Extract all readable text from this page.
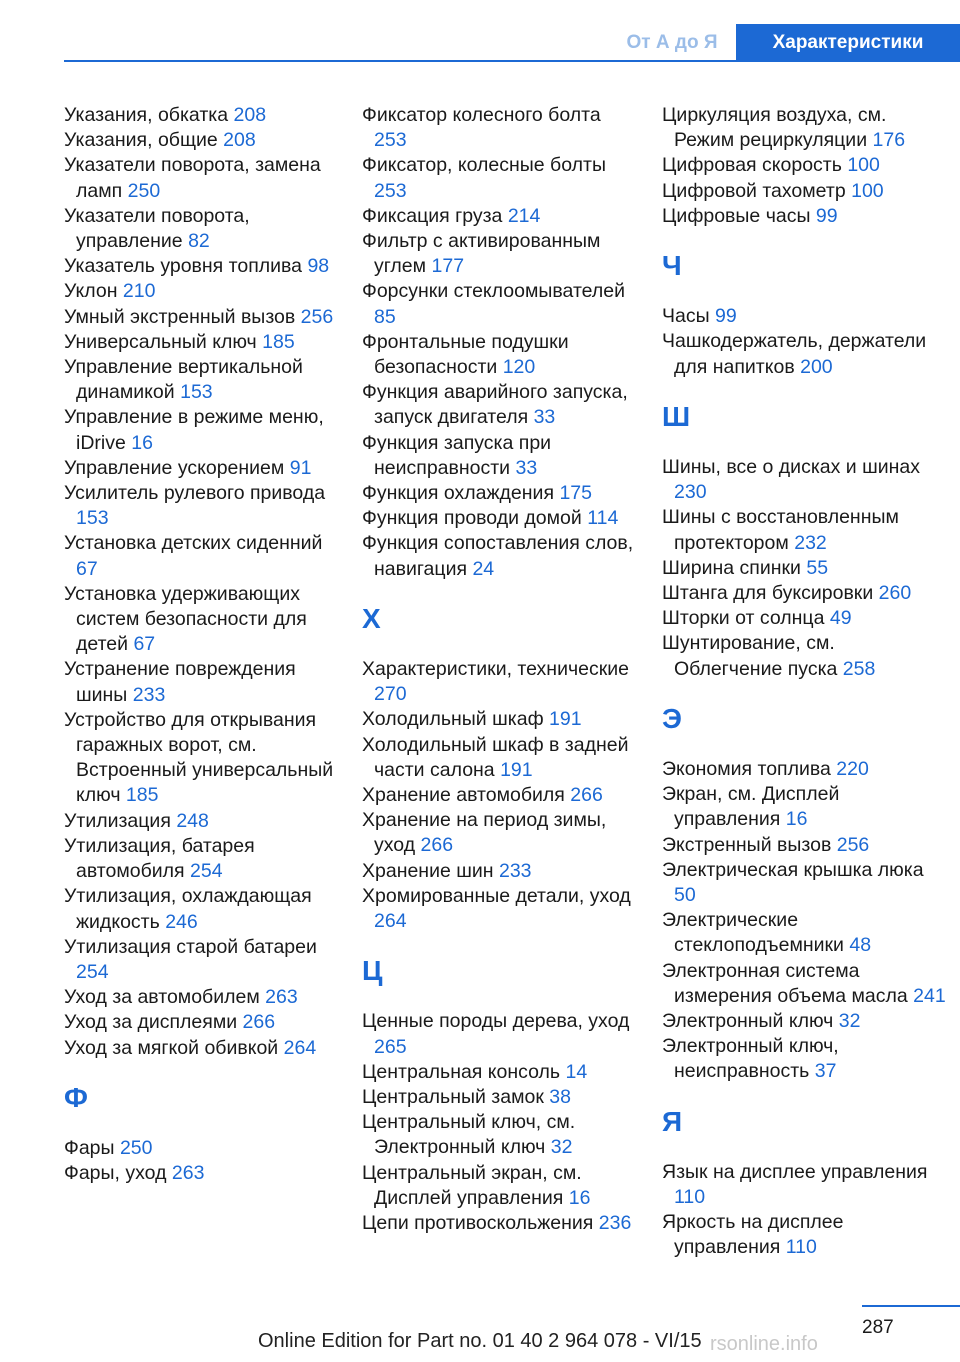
От А до Я	Характеристики

Указания, обкатка 208

Указания, общие 208

Указатели поворота, замена ламп 250

Указатели поворота, управление 82

Указатель уровня топлива 98

Уклон 210

Умный экстренный вызов 256

Универсальный ключ 185

Управление вертикальной динамикой 153

Управление в режиме меню, iDrive 16

Управление ускорением 91

Усилитель рулевого привода 153

Установка детских сиденний 67

Установка удерживающих систем безопасности для детей 67

Устранение повреждения шины 233

Устройство для открывания гаражных ворот, см. Встроенный универсальный ключ 185

Утилизация 248

Утилизация, батарея автомобиля 254

Утилизация, охлаждающая жидкость 246

Утилизация старой батареи 254

Уход за автомобилем 263

Уход за дисплеями 266

Уход за мягкой обивкой 264

Ф

Фары 250

Фары, уход 263

Фиксатор колесного болта 253

Фиксатор, колесные болты 253

Фиксация груза 214

Фильтр с активированным углем 177

Форсунки стеклоомывателей 85

Фронтальные подушки безопасности 120

Функция аварийного запуска, запуск двигателя 33

Функция запуска при неисправности 33

Функция охлаждения 175

Функция проводи домой 114

Функция сопоставления слов, навигация 24

Х

Характеристики, технические 270

Холодильный шкаф 191

Холодильный шкаф в задней части салона 191

Хранение автомобиля 266

Хранение на период зимы, уход 266

Хранение шин 233

Хромированные детали, уход 264

Ц

Ценные породы дерева, уход 265

Центральная консоль 14

Центральный замок 38

Центральный ключ, см. Электронный ключ 32

Центральный экран, см. Дисплей управления 16

Цепи противоскольжения 236

Циркуляция воздуха, см. Режим рециркуляции 176

Цифровая скорость 100

Цифровой тахометр 100

Цифровые часы 99

Ч

Часы 99

Чашкодержатель, держатели для напитков 200

Ш

Шины, все о дисках и шинах 230

Шины с восстановленным протектором 232

Ширина спинки 55

Штанга для буксировки 260

Шторки от солнца 49

Шунтирование, см. Облегчение пуска 258

Э

Экономия топлива 220

Экран, см. Дисплей управления 16

Экстренный вызов 256

Электрическая крышка люка 50

Электрические стеклоподъемники 48

Электронная система измерения объема масла 241

Электронный ключ 32

Электронный ключ, неисправность 37

Я

Язык на дисплее управления 110

Яркость на дисплее управления 110

287
Online Edition for Part no. 01 40 2 964 078 - VI/15 rsonline.info
